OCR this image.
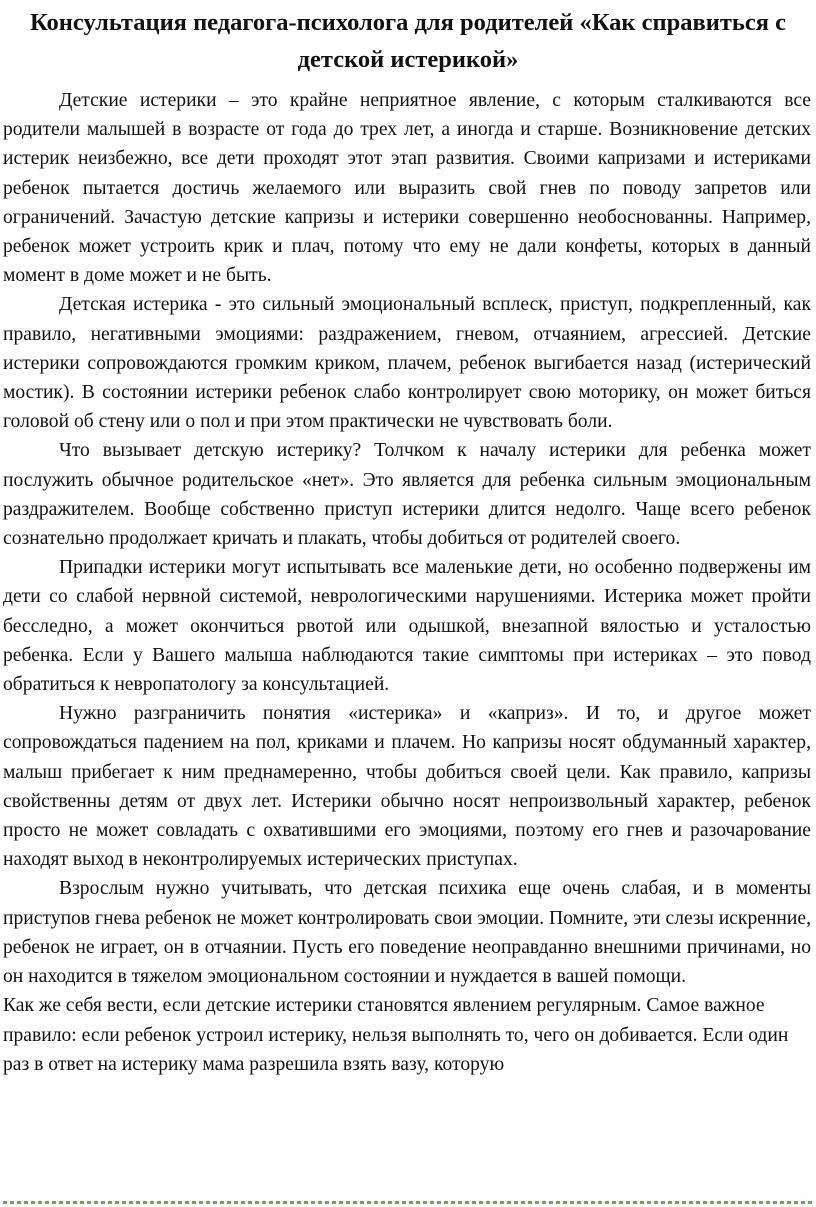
Консультация педагога-психолога для родителей «Как справиться с детской истерикой»

Детские истерики – это крайне неприятное явление, с которым сталкиваются все родители малышей в возрасте от года до трех лет, а иногда и старше. Возникновение детских истерик неизбежно, все дети проходят этот этап развития. Своими капризами и истериками ребенок пытается достичь желаемого или выразить свой гнев по поводу запретов или ограничений. Зачастую детские капризы и истерики совершенно необоснованны. Например, ребенок может устроить крик и плач, потому что ему не дали конфеты, которых в данный момент в доме может и не быть.

Детская истерика - это сильный эмоциональный всплеск, приступ, подкрепленный, как правило, негативными эмоциями: раздражением, гневом, отчаянием, агрессией. Детские истерики сопровождаются громким криком, плачем, ребенок выгибается назад (истерический мостик). В состоянии истерики ребенок слабо контролирует свою моторику, он может биться головой об стену или о пол и при этом практически не чувствовать боли.

Что вызывает детскую истерику? Толчком к началу истерики для ребенка может послужить обычное родительское «нет». Это является для ребенка сильным эмоциональным раздражителем. Вообще собственно приступ истерики длится недолго. Чаще всего ребенок сознательно продолжает кричать и плакать, чтобы добиться от родителей своего.

Припадки истерики могут испытывать все маленькие дети, но особенно подвержены им дети со слабой нервной системой, неврологическими нарушениями. Истерика может пройти бесследно, а может окончиться рвотой или одышкой, внезапной вялостью и усталостью ребенка. Если у Вашего малыша наблюдаются такие симптомы при истериках – это повод обратиться к невропатологу за консультацией.

Нужно разграничить понятия «истерика» и «каприз». И то, и другое может сопровождаться падением на пол, криками и плачем. Но капризы носят обдуманный характер, малыш прибегает к ним преднамеренно, чтобы добиться своей цели. Как правило, капризы свойственны детям от двух лет. Истерики обычно носят непроизвольный характер, ребенок просто не может совладать с охватившими его эмоциями, поэтому его гнев и разочарование находят выход в неконтролируемых истерических приступах.

Взрослым нужно учитывать, что детская психика еще очень слабая, и в моменты приступов гнева ребенок не может контролировать свои эмоции. Помните, эти слезы искренние, ребенок не играет, он в отчаянии. Пусть его поведение неоправданно внешними причинами, но он находится в тяжелом эмоциональном состоянии и нуждается в вашей помощи.

Как же себя вести, если детские истерики становятся явлением регулярным. Самое важное правило: если ребенок устроил истерику, нельзя выполнять то, чего он добивается. Если один раз в ответ на истерику мама разрешила взять вазу, которую
